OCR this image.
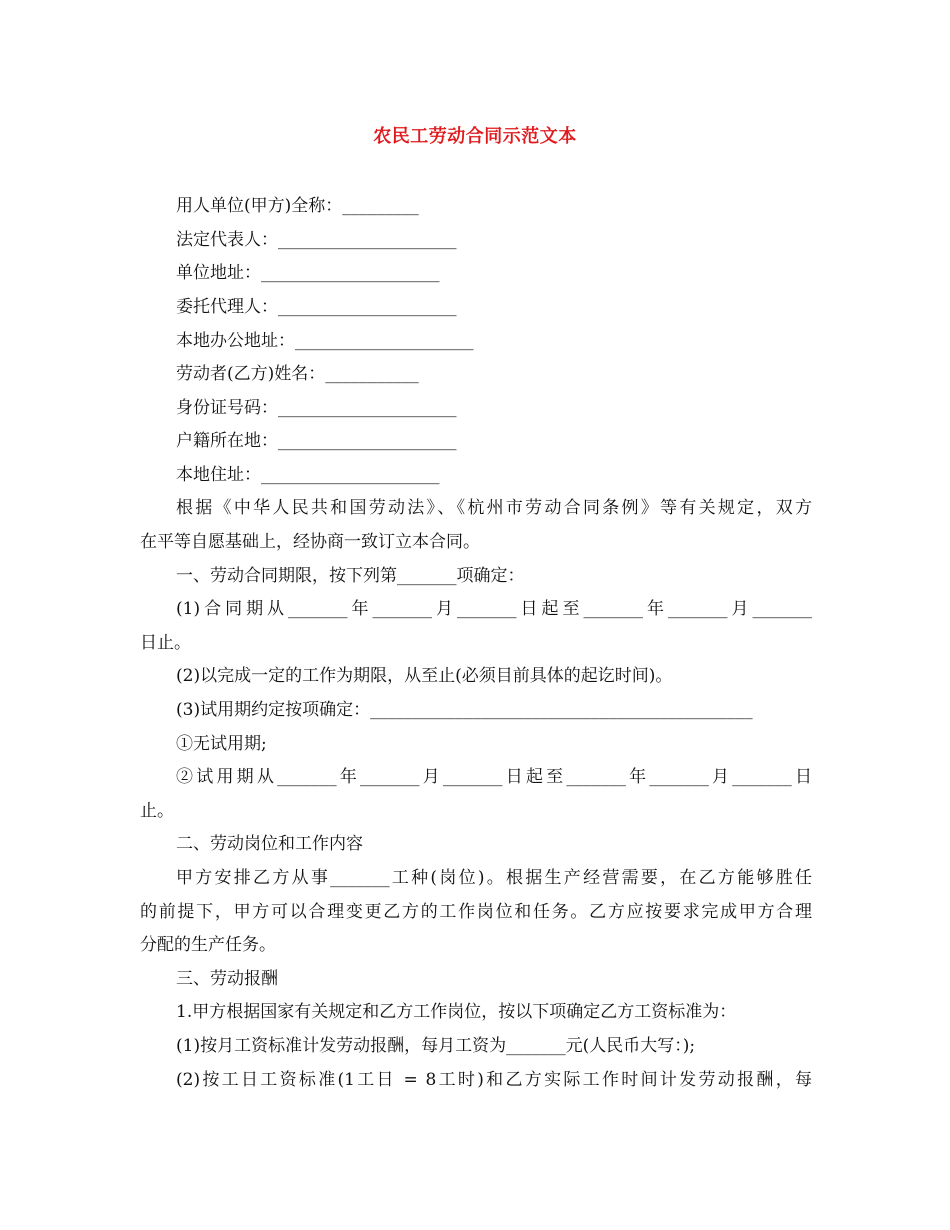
农民工劳动合同示范文本
用人单位(甲方)全称：_________
法定代表人：_____________________
单位地址：_____________________
委托代理人：_____________________
本地办公地址：_____________________
劳动者(乙方)姓名：___________
身份证号码：_____________________
户籍所在地：_____________________
本地住址：_____________________
根据《中华人民共和国劳动法》、《杭州市劳动合同条例》等有关规定，双方
在平等自愿基础上，经协商一致订立本合同。
一、劳动合同期限，按下列第_______项确定：
(1)合同期从_______年_______月_______日起至_______年_______月_______
日止。
(2)以完成一定的工作为期限，从至止(必须目前具体的起讫时间)。
(3)试用期约定按项确定：_____________________________________________
①无试用期;
②试用期从_______年_______月_______日起至_______年_______月_______日
止。
二、劳动岗位和工作内容
甲方安排乙方从事_______工种(岗位)。根据生产经营需要，在乙方能够胜任
的前提下，甲方可以合理变更乙方的工作岗位和任务。乙方应按要求完成甲方合理
分配的生产任务。
三、劳动报酬
1.甲方根据国家有关规定和乙方工作岗位，按以下项确定乙方工资标准为：
(1)按月工资标准计发劳动报酬，每月工资为_______元(人民币大写：);
(2)按工日工资标准(1工日 = 8工时)和乙方实际工作时间计发劳动报酬，每
